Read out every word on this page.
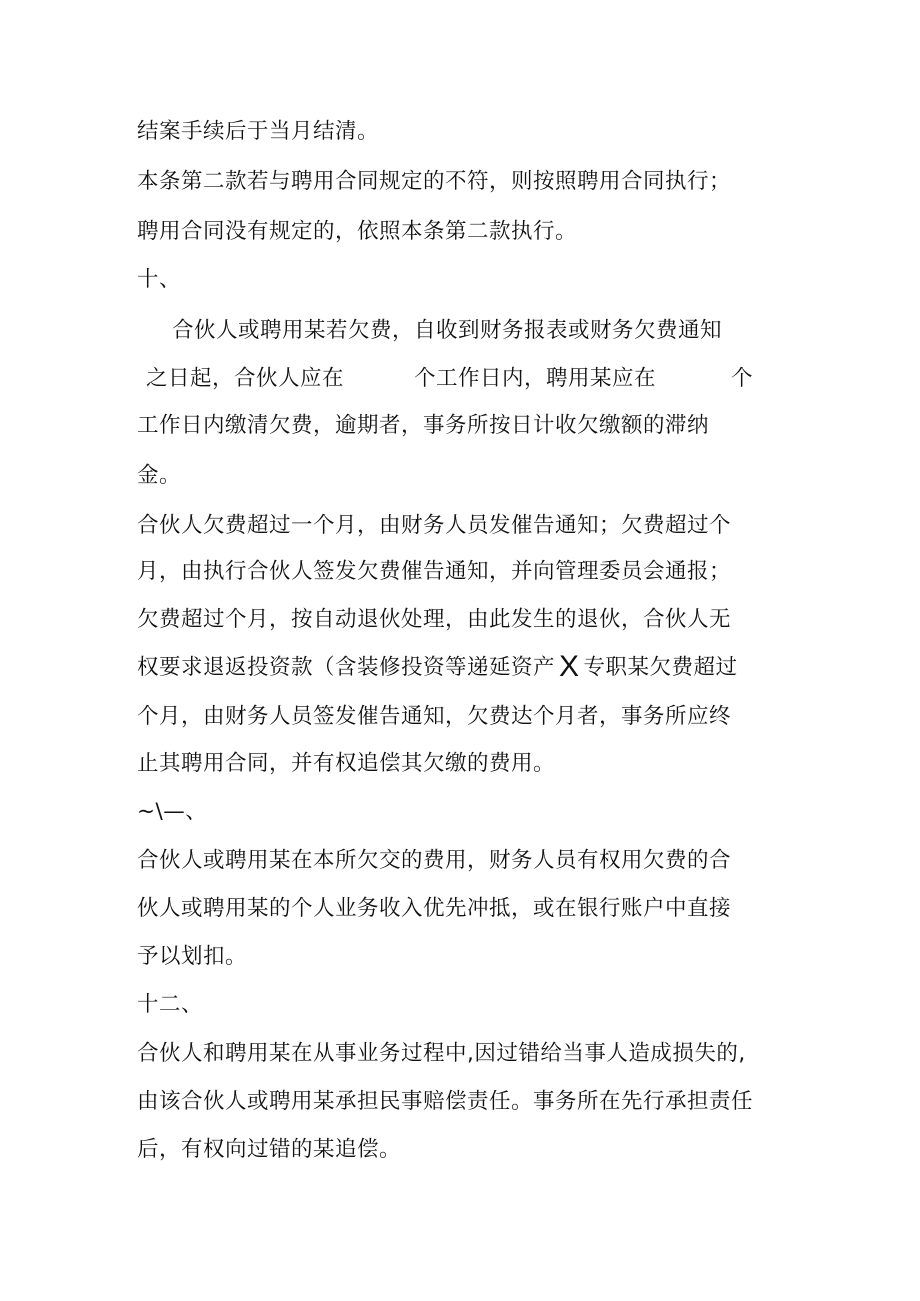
结案手续后于当月结清。
本条第二款若与聘用合同规定的不符，则按照聘用合同执行；
聘用合同没有规定的，依照本条第二款执行。
十、
合伙人或聘用某若欠费，自收到财务报表或财务欠费通知
之日起，合伙人应在	个工作日内，聘用某应在	个
工作日内缴清欠费，逾期者，事务所按日计收欠缴额的滞纳
金。
合伙人欠费超过一个月，由财务人员发催告通知；欠费超过个
月，由执行合伙人签发欠费催告通知，并向管理委员会通报；
欠费超过个月，按自动退伙处理，由此发生的退伙，合伙人无
权要求退返投资款（含装修投资等递延资产 X 专职某欠费超过
个月，由财务人员签发催告通知，欠费达个月者，事务所应终
止其聘用合同，并有权追偿其欠缴的费用。
~\—、
合伙人或聘用某在本所欠交的费用，财务人员有权用欠费的合
伙人或聘用某的个人业务收入优先冲抵，或在银行账户中直接
予以划扣。
十二、
合伙人和聘用某在从事业务过程中,因过错给当事人造成损失的,
由该合伙人或聘用某承担民事赔偿责任。事务所在先行承担责任
后，有权向过错的某追偿。
